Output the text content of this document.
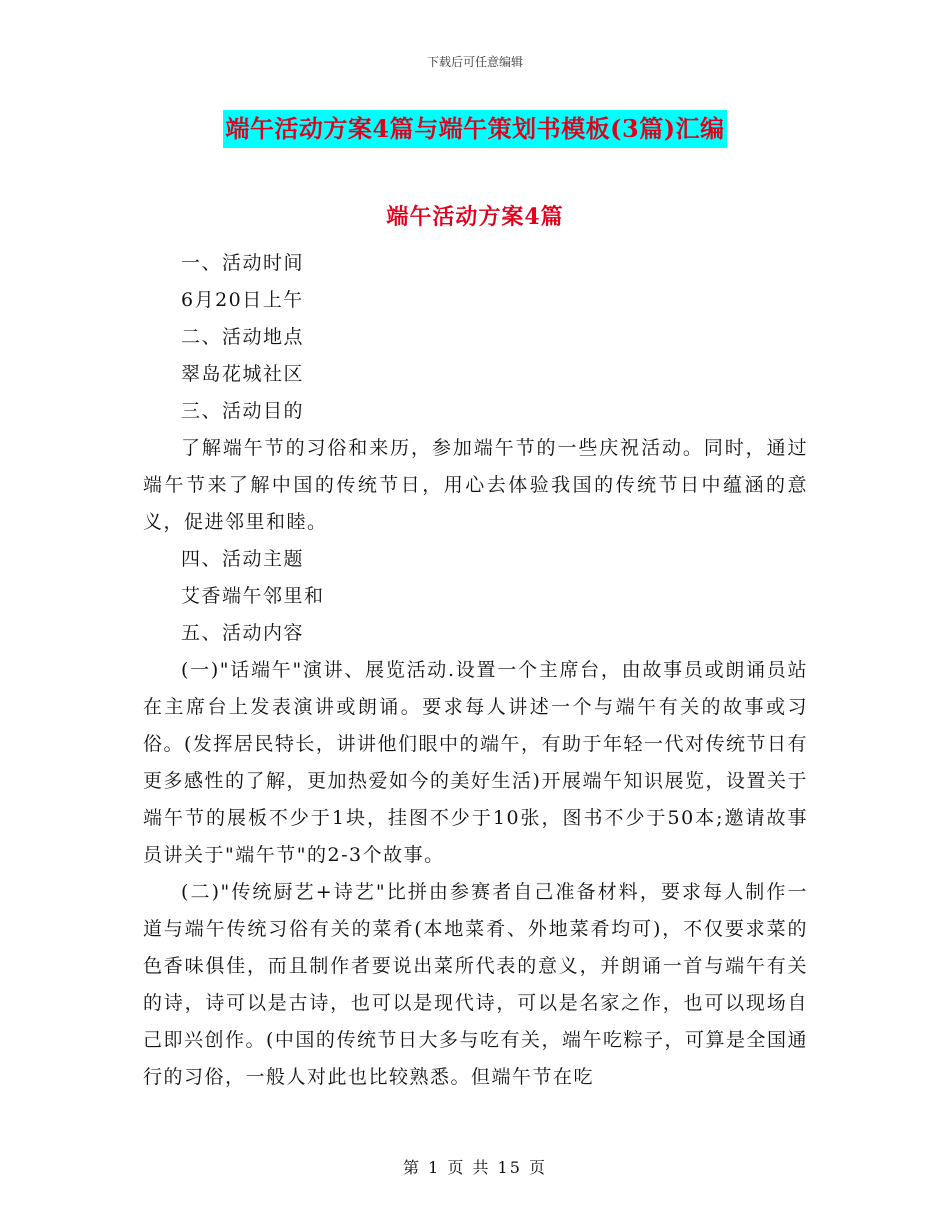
下载后可任意编辑
端午活动方案4篇与端午策划书模板(3篇)汇编
端午活动方案4篇

一、活动时间

6月20日上午

二、活动地点

翠岛花城社区

三、活动目的

了解端午节的习俗和来历，参加端午节的一些庆祝活动。同时，通过端午节来了解中国的传统节日，用心去体验我国的传统节日中蕴涵的意义，促进邻里和睦。

四、活动主题

艾香端午邻里和

五、活动内容

(一)"话端午"演讲、展览活动.设置一个主席台，由故事员或朗诵员站在主席台上发表演讲或朗诵。要求每人讲述一个与端午有关的故事或习俗。(发挥居民特长，讲讲他们眼中的端午，有助于年轻一代对传统节日有更多感性的了解，更加热爱如今的美好生活)开展端午知识展览，设置关于端午节的展板不少于1块，挂图不少于10张，图书不少于50本;邀请故事员讲关于"端午节"的2-3个故事。

(二)"传统厨艺+诗艺"比拼由参赛者自己准备材料，要求每人制作一道与端午传统习俗有关的菜肴(本地菜肴、外地菜肴均可)，不仅要求菜的色香味俱佳，而且制作者要说出菜所代表的意义，并朗诵一首与端午有关的诗，诗可以是古诗，也可以是现代诗，可以是名家之作，也可以现场自己即兴创作。(中国的传统节日大多与吃有关，端午吃粽子，可算是全国通行的习俗，一般人对此也比较熟悉。但端午节在吃

第 1 页 共 15 页
